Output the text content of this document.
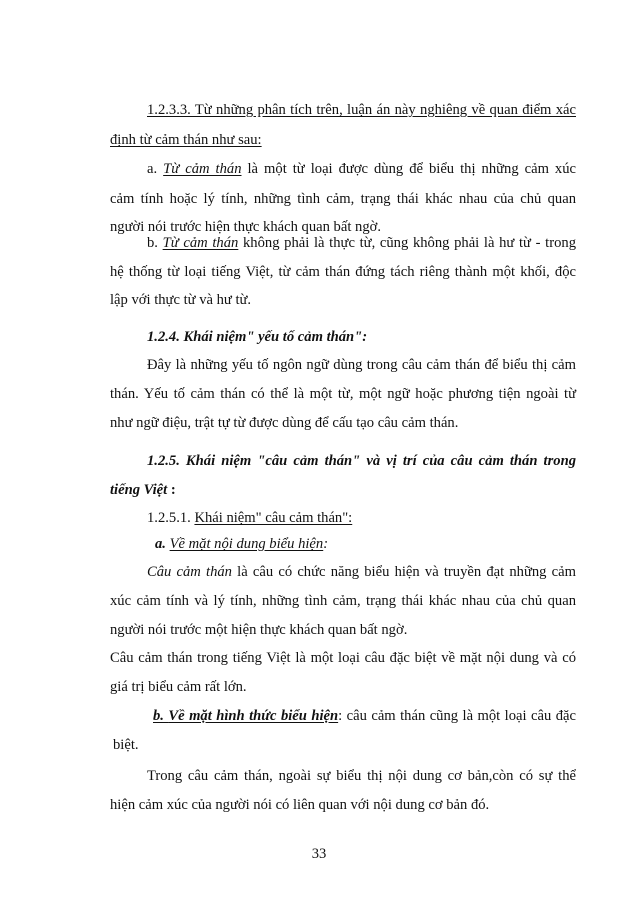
1.2.3.3. Từ những phân tích trên, luận án này nghiêng về quan điểm xác
định từ cảm thán như sau:
a. Từ cảm thán là một từ loại được dùng để biểu thị những cảm xúc
cảm tính hoặc lý tính, những tình cảm, trạng thái khác nhau của chủ quan
người nói trước hiện thực khách quan bất ngờ.
b. Từ cảm thán không phải là thực từ, cũng không phải là hư từ - trong
hệ thống từ loại tiếng Việt, từ cảm thán đứng tách riêng thành một khối, độc
lập với thực từ và hư từ.
1.2.4. Khái niệm" yếu tố cảm thán":
Đây là những yếu tố ngôn ngữ dùng trong câu cảm thán để biểu thị cảm
thán. Yếu tố cảm thán có thể là một từ, một ngữ hoặc phương tiện ngoài từ
như ngữ điệu, trật tự từ được dùng để cấu tạo câu cảm thán.
1.2.5. Khái niệm "câu cảm thán" và vị trí của câu cảm thán trong
tiếng Việt :
1.2.5.1. Khái niệm" câu cảm thán":
a. Về mặt nội dung biểu hiện:
Câu cảm thán là câu có chức năng biểu hiện và truyền đạt những cảm
xúc cảm tính và lý tính, những tình cảm, trạng thái khác nhau của chủ quan
người nói trước một hiện thực khách quan bất ngờ.
Câu cảm thán trong tiếng Việt là một loại câu đặc biệt về mặt nội dung và có
giá trị biểu cảm rất lớn.
b. Về mặt hình thức biểu hiện: câu cảm thán cũng là một loại câu đặc
biệt.
Trong câu cảm thán, ngoài sự biểu thị nội dung cơ bản,còn có sự thể
hiện cảm xúc của người nói có liên quan với nội dung cơ bản đó.
33
